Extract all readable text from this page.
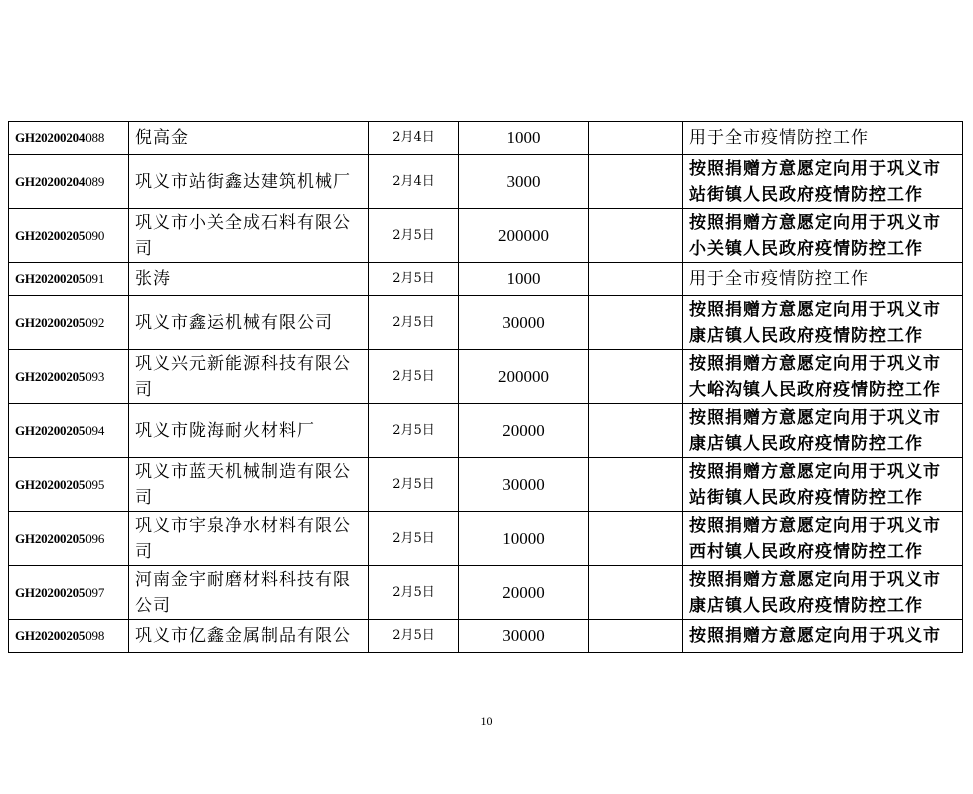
GH20200204088	倪高金	2月4日	1000		用于全市疫情防控工作
GH20200204089	巩义市站街鑫达建筑机械厂	2月4日	3000		按照捐赠方意愿定向用于巩义市站街镇人民政府疫情防控工作
GH20200205090	巩义市小关全成石料有限公司	2月5日	200000		按照捐赠方意愿定向用于巩义市小关镇人民政府疫情防控工作
GH20200205091	张涛	2月5日	1000		用于全市疫情防控工作
GH20200205092	巩义市鑫运机械有限公司	2月5日	30000		按照捐赠方意愿定向用于巩义市康店镇人民政府疫情防控工作
GH20200205093	巩义兴元新能源科技有限公司	2月5日	200000		按照捐赠方意愿定向用于巩义市大峪沟镇人民政府疫情防控工作
GH20200205094	巩义市陇海耐火材料厂	2月5日	20000		按照捐赠方意愿定向用于巩义市康店镇人民政府疫情防控工作
GH20200205095	巩义市蓝天机械制造有限公司	2月5日	30000		按照捐赠方意愿定向用于巩义市站街镇人民政府疫情防控工作
GH20200205096	巩义市宇泉净水材料有限公司	2月5日	10000		按照捐赠方意愿定向用于巩义市西村镇人民政府疫情防控工作
GH20200205097	河南金宇耐磨材料科技有限公司	2月5日	20000		按照捐赠方意愿定向用于巩义市康店镇人民政府疫情防控工作
GH20200205098	巩义市亿鑫金属制品有限公	2月5日	30000		按照捐赠方意愿定向用于巩义市
10
